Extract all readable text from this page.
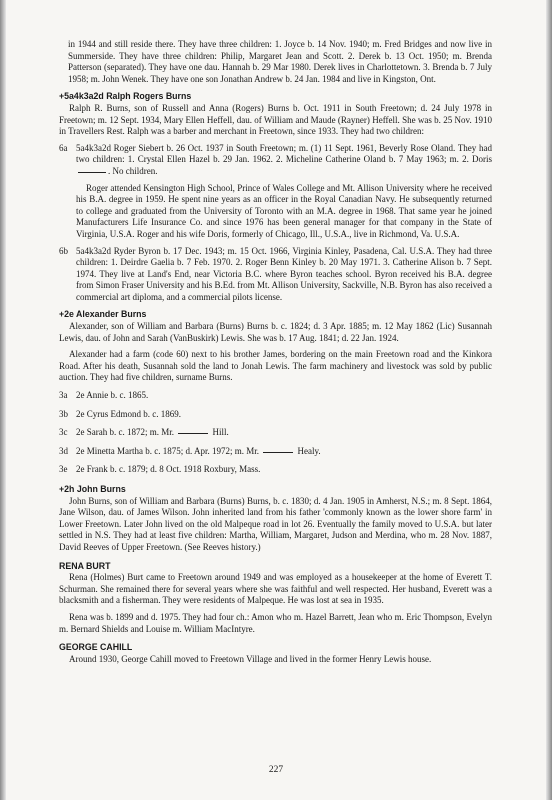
in 1944 and still reside there. They have three children: 1. Joyce b. 14 Nov. 1940; m. Fred Bridges and now live in Summerside. They have three children: Philip, Margaret Jean and Scott. 2. Derek b. 13 Oct. 1950; m. Brenda Patterson (separated). They have one dau. Hannah b. 29 Mar 1980. Derek lives in Charlottetown. 3. Brenda b. 7 July 1958; m. John Wenek. They have one son Jonathan Andrew b. 24 Jan. 1984 and live in Kingston, Ont.

+5a4k3a2d Ralph Rogers Burns

Ralph R. Burns, son of Russell and Anna (Rogers) Burns b. Oct. 1911 in South Freetown; d. 24 July 1978 in Freetown; m. 12 Sept. 1934, Mary Ellen Heffell, dau. of William and Maude (Rayner) Heffell. She was b. 25 Nov. 1910 in Travellers Rest. Ralph was a barber and merchant in Freetown, since 1933. They had two children:

6a 5a4k3a2d Roger Siebert b. 26 Oct. 1937 in South Freetown; m. (1) 11 Sept. 1961, Beverly Rose Oland. They had two children: 1. Crystal Ellen Hazel b. 29 Jan. 1962. 2. Micheline Catherine Oland b. 7 May 1963; m. 2. Doris . No children.

Roger attended Kensington High School, Prince of Wales College and Mt. Allison University where he received his B.A. degree in 1959. He spent nine years as an officer in the Royal Canadian Navy. He subsequently returned to college and graduated from the University of Toronto with an M.A. degree in 1968. That same year he joined Manufacturers Life Insurance Co. and since 1976 has been general manager for that company in the State of Virginia, U.S.A. Roger and his wife Doris, formerly of Chicago, Ill., U.S.A., live in Richmond, Va. U.S.A.

6b 5a4k3a2d Ryder Byron b. 17 Dec. 1943; m. 15 Oct. 1966, Virginia Kinley, Pasadena, Cal. U.S.A. They had three children: 1. Deirdre Gaelia b. 7 Feb. 1970. 2. Roger Benn Kinley b. 20 May 1971. 3. Catherine Alison b. 7 Sept. 1974. They live at Land's End, near Victoria B.C. where Byron teaches school. Byron received his B.A. degree from Simon Fraser University and his B.Ed. from Mt. Allison University, Sackville, N.B. Byron has also received a commercial art diploma, and a commercial pilots license.
+2e Alexander Burns

Alexander, son of William and Barbara (Burns) Burns b. c. 1824; d. 3 Apr. 1885; m. 12 May 1862 (Lic) Susannah Lewis, dau. of John and Sarah (VanBuskirk) Lewis. She was b. 17 Aug. 1841; d. 22 Jan. 1924.

Alexander had a farm (code 60) next to his brother James, bordering on the main Freetown road and the Kinkora Road. After his death, Susannah sold the land to Jonah Lewis. The farm machinery and livestock was sold by public auction. They had five children, surname Burns.

3a 2e Annie b. c. 1865.
3b 2e Cyrus Edmond b. c. 1869.
3c 2e Sarah b. c. 1872; m. Mr.	Hill.
3d 2e Minetta Martha b. c. 1875; d. Apr. 1972; m. Mr.	Healy.
3e 2e Frank b. c. 1879; d. 8 Oct. 1918 Roxbury, Mass.
+2h John Burns

John Burns, son of William and Barbara (Burns) Burns, b. c. 1830; d. 4 Jan. 1905 in Amherst, N.S.; m. 8 Sept. 1864, Jane Wilson, dau. of James Wilson. John inherited land from his father 'commonly known as the lower shore farm' in Lower Freetown. Later John lived on the old Malpeque road in lot 26. Eventually the family moved to U.S.A. but later settled in N.S. They had at least five children: Martha, William, Margaret, Judson and Merdina, who m. 28 Nov. 1887, David Reeves of Upper Freetown. (See Reeves history.)

RENA BURT

Rena (Holmes) Burt came to Freetown around 1949 and was employed as a housekeeper at the home of Everett T. Schurman. She remained there for several years where she was faithful and well respected. Her husband, Everett was a blacksmith and a fisherman. They were residents of Malpeque. He was lost at sea in 1935.

Rena was b. 1899 and d. 1975. They had four ch.: Amon who m. Hazel Barrett, Jean who m. Eric Thompson, Evelyn m. Bernard Shields and Louise m. William MacIntyre.

GEORGE CAHILL

Around 1930, George Cahill moved to Freetown Village and lived in the former Henry Lewis house.

227
